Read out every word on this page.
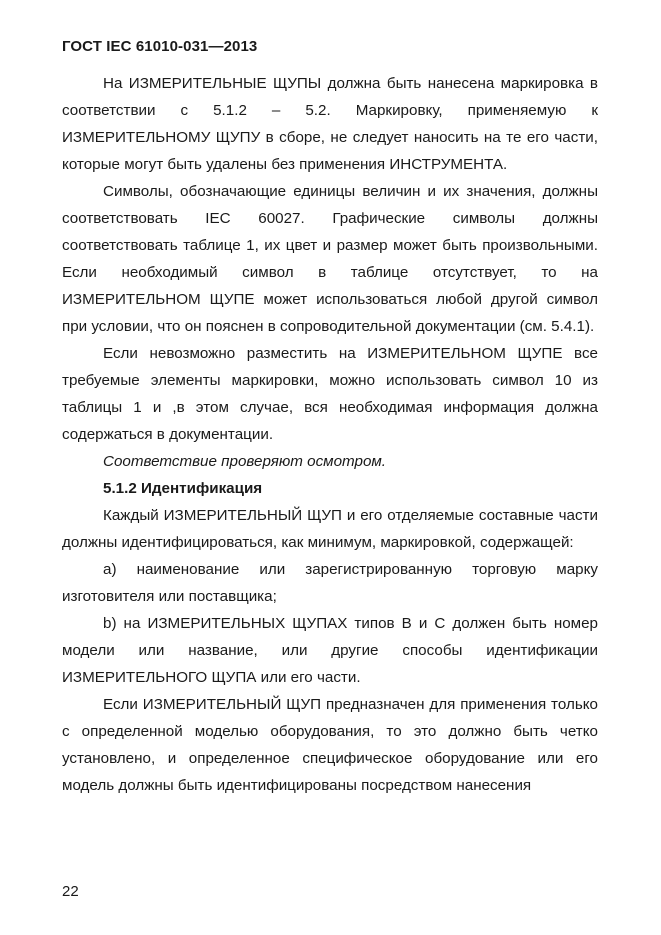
ГОСТ IEC 61010-031—2013

На ИЗМЕРИТЕЛЬНЫЕ ЩУПЫ должна быть нанесена маркировка в соответствии с 5.1.2 – 5.2. Маркировку, применяемую к ИЗМЕРИТЕЛЬНОМУ ЩУПУ в сборе, не следует наносить на те его части, которые могут быть удалены без применения ИНСТРУМЕНТА.

Символы, обозначающие единицы величин и их значения, должны соответствовать IEC 60027. Графические символы должны соответствовать таблице 1, их цвет и размер может быть произвольными. Если необходимый символ в таблице отсутствует, то на ИЗМЕРИТЕЛЬНОМ ЩУПЕ может использоваться любой другой символ при условии, что он пояснен в сопроводительной документации (см. 5.4.1).

Если невозможно разместить на ИЗМЕРИТЕЛЬНОМ ЩУПЕ все требуемые элементы маркировки, можно использовать символ 10 из таблицы 1 и ,в этом случае, вся необходимая информация должна содержаться в документации.

Соответствие проверяют осмотром.

5.1.2 Идентификация

Каждый ИЗМЕРИТЕЛЬНЫЙ ЩУП и его отделяемые составные части должны идентифицироваться, как минимум, маркировкой, содержащей:

a) наименование или зарегистрированную торговую марку изготовителя или поставщика;

b) на ИЗМЕРИТЕЛЬНЫХ ЩУПАХ типов B и C должен быть номер модели или название, или другие способы идентификации ИЗМЕРИТЕЛЬНОГО ЩУПА или его части.

Если ИЗМЕРИТЕЛЬНЫЙ ЩУП предназначен для применения только с определенной моделью оборудования, то это должно быть четко установлено, и определенное специфическое оборудование или его модель должны быть идентифицированы посредством нанесения

22
